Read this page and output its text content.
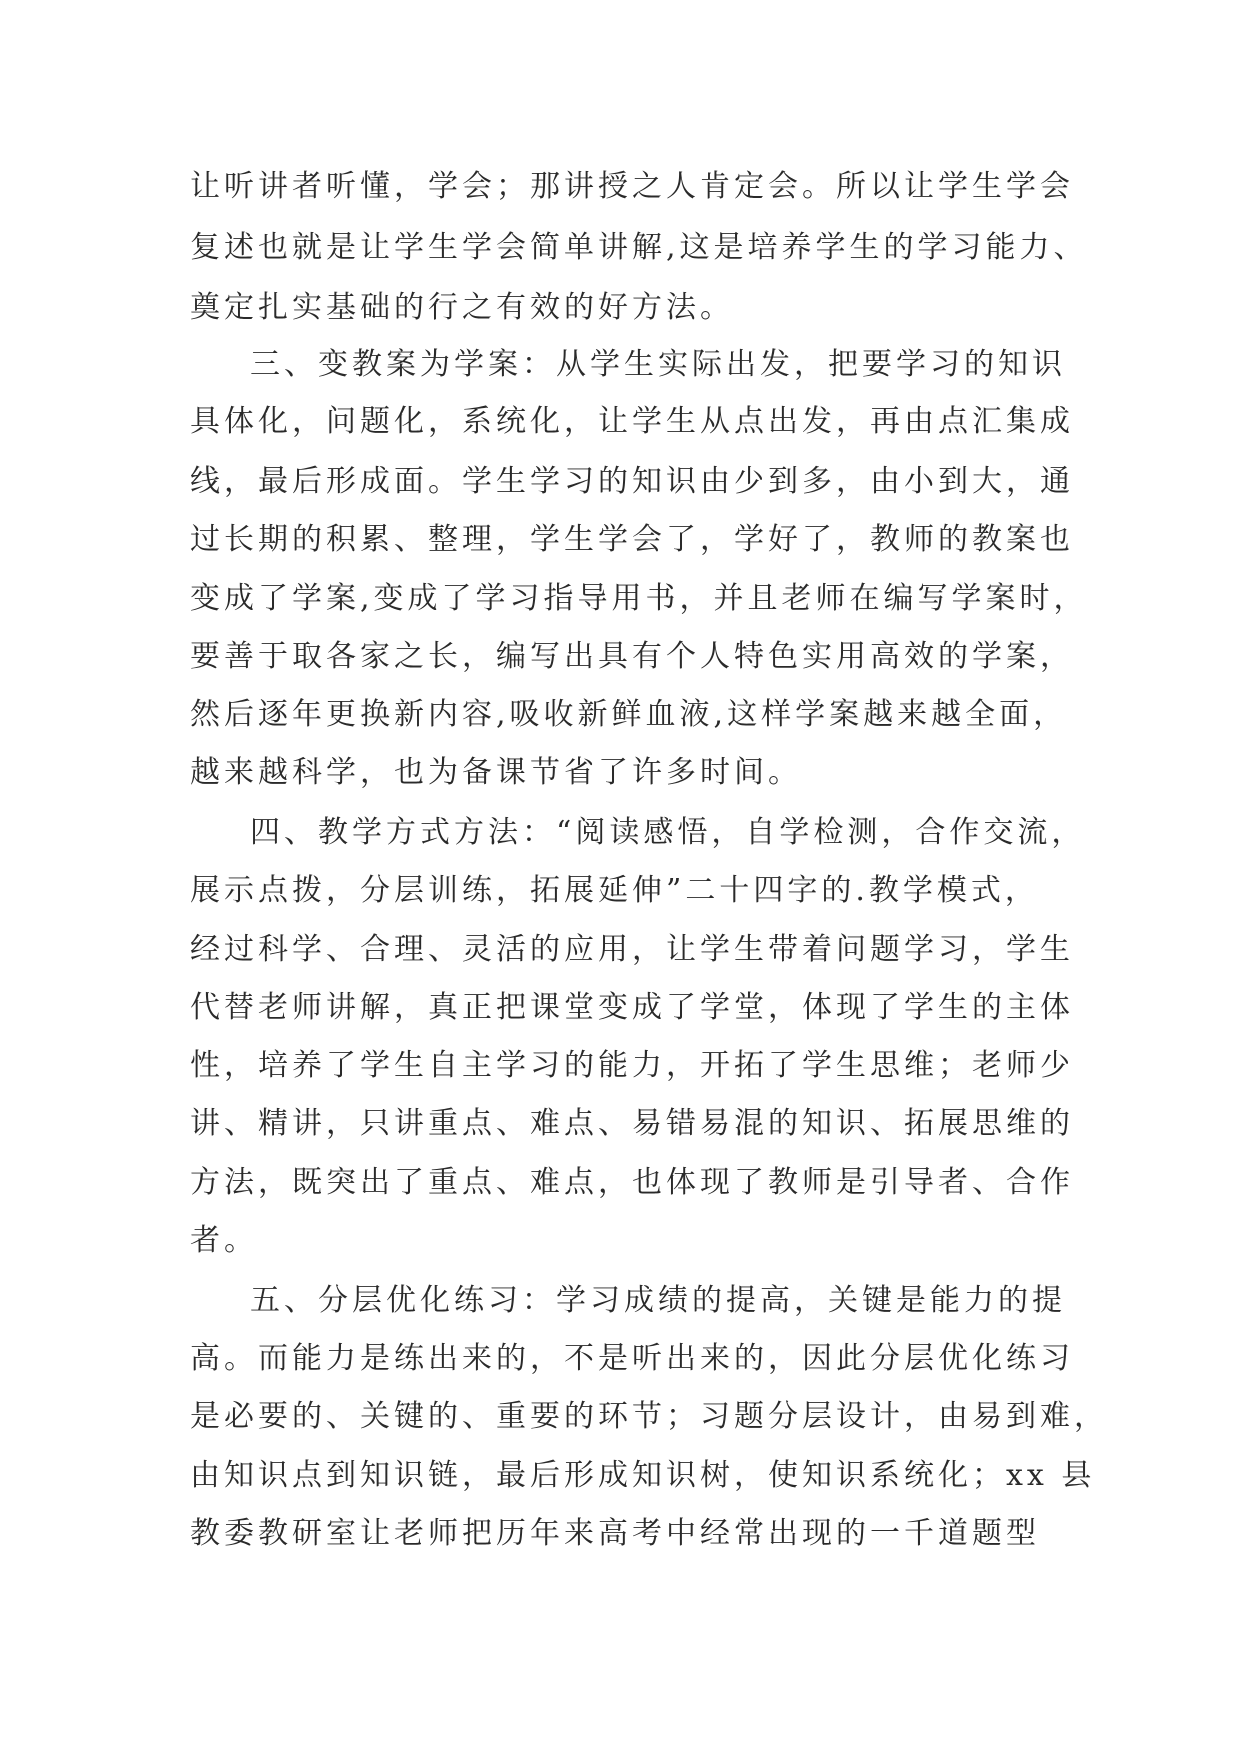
让听讲者听懂，学会；那讲授之人肯定会。所以让学生学会
复述也就是让学生学会简单讲解,这是培养学生的学习能力、
奠定扎实基础的行之有效的好方法。
三、变教案为学案：从学生实际出发，把要学习的知识
具体化，问题化，系统化，让学生从点出发，再由点汇集成
线，最后形成面。学生学习的知识由少到多，由小到大，通
过长期的积累、整理，学生学会了，学好了，教师的教案也
变成了学案,变成了学习指导用书，并且老师在编写学案时，
要善于取各家之长，编写出具有个人特色实用高效的学案，
然后逐年更换新内容,吸收新鲜血液,这样学案越来越全面，
越来越科学，也为备课节省了许多时间。
四、教学方式方法：“阅读感悟，自学检测，合作交流，
展示点拨，分层训练，拓展延伸”二十四字的.教学模式，
经过科学、合理、灵活的应用，让学生带着问题学习，学生
代替老师讲解，真正把课堂变成了学堂，体现了学生的主体
性，培养了学生自主学习的能力，开拓了学生思维；老师少
讲、精讲，只讲重点、难点、易错易混的知识、拓展思维的
方法，既突出了重点、难点，也体现了教师是引导者、合作
者。
五、分层优化练习：学习成绩的提高，关键是能力的提
高。而能力是练出来的，不是听出来的，因此分层优化练习
是必要的、关键的、重要的环节；习题分层设计，由易到难，
由知识点到知识链，最后形成知识树，使知识系统化；xx 县
教委教研室让老师把历年来高考中经常出现的一千道题型
